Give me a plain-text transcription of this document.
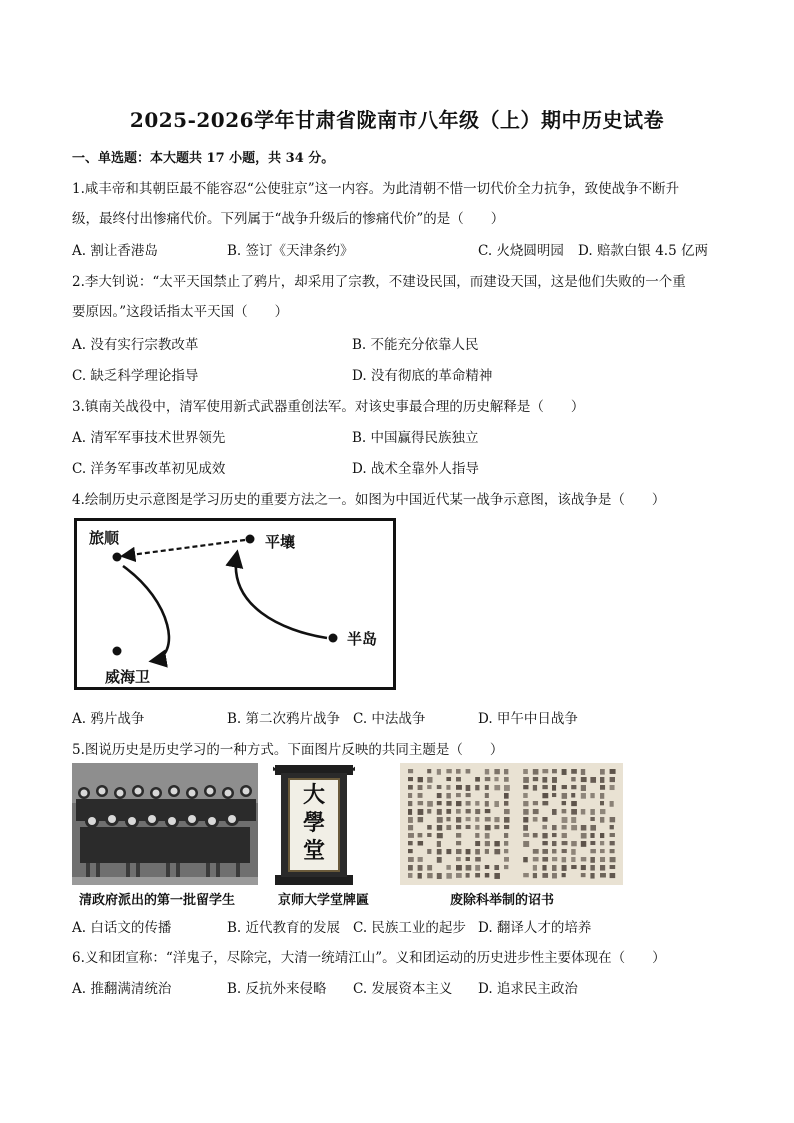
2025-2026学年甘肃省陇南市八年级（上）期中历史试卷
一、单选题：本大题共 17 小题，共 34 分。
1.咸丰帝和其朝臣最不能容忍“公使驻京”这一内容。为此清朝不惜一切代价全力抗争，致使战争不断升
级，最终付出惨痛代价。下列属于“战争升级后的惨痛代价”的是（　　）
A. 割让香港岛	B. 签订《天津条约》	C. 火烧圆明园 D. 赔款白银 4.5 亿两
2.李大钊说：“太平天国禁止了鸦片，却采用了宗教，不建设民国，而建设天国，这是他们失败的一个重
要原因。”这段话指太平天国（　　）
A. 没有实行宗教改革	B. 不能充分依靠人民
C. 缺乏科学理论指导	D. 没有彻底的革命精神
3.镇南关战役中，清军使用新式武器重创法军。对该史事最合理的历史解释是（　　）
A. 清军军事技术世界领先	B. 中国赢得民族独立
C. 洋务军事改革初见成效	D. 战术全靠外人指导
4.绘制历史示意图是学习历史的重要方法之一。如图为中国近代某一战争示意图，该战争是（　　）
旅顺	平壤
半岛
威海卫
A. 鸦片战争	B. 第二次鸦片战争 C. 中法战争	D. 甲午中日战争
5.图说历史是历史学习的一种方式。下面图片反映的共同主题是（　　）
大
學
堂
清政府派出的第一批留学生	京师大学堂牌匾	废除科举制的诏书
A. 白话文的传播	B. 近代教育的发展 C. 民族工业的起步 D. 翻译人才的培养
6.义和团宣称：“洋鬼子，尽除完，大清一统靖江山”。义和团运动的历史进步性主要体现在（　　）
A. 推翻满清统治	B. 反抗外来侵略 C. 发展资本主义 D. 追求民主政治
